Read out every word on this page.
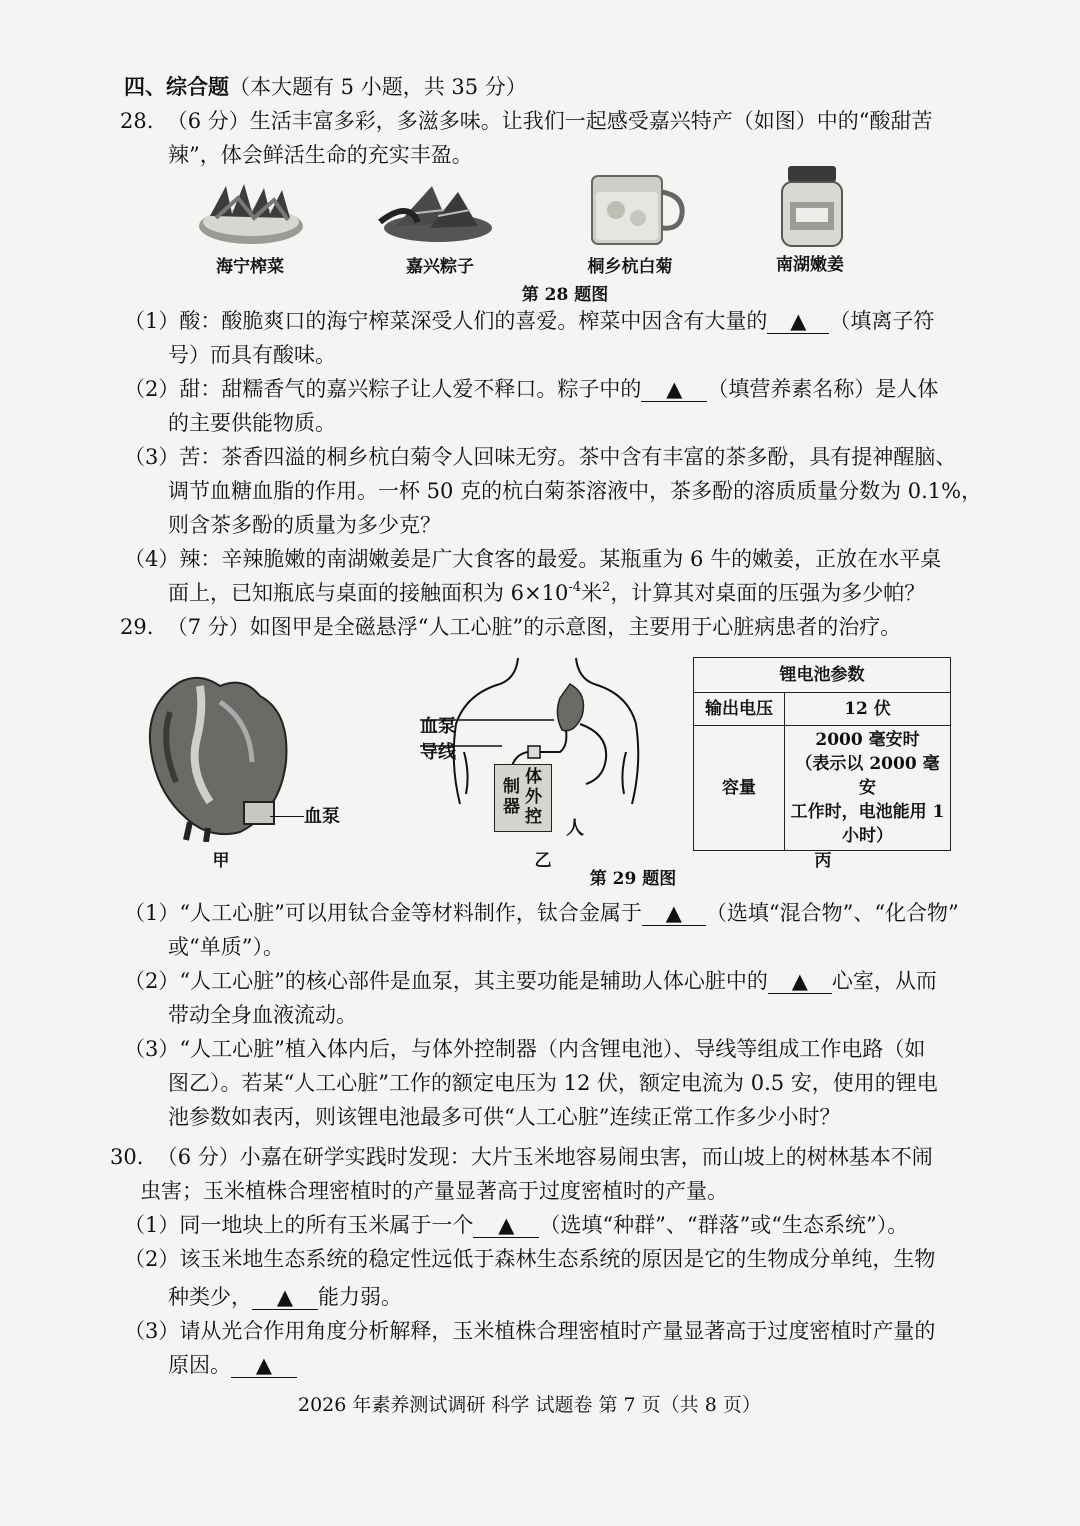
四、综合题（本大题有 5 小题，共 35 分）
28. （6 分）生活丰富多彩，多滋多味。让我们一起感受嘉兴特产（如图）中的“酸甜苦
辣”，体会鲜活生命的充实丰盈。
海宁榨菜	嘉兴粽子	桐乡杭白菊	南湖嫩姜
第 28 题图
（1）酸：酸脆爽口的海宁榨菜深受人们的喜爱。榨菜中因含有大量的 ▲ （填离子符
号）而具有酸味。
（2）甜：甜糯香气的嘉兴粽子让人爱不释口。粽子中的 ▲ （填营养素名称）是人体
的主要供能物质。
（3）苦：茶香四溢的桐乡杭白菊令人回味无穷。茶中含有丰富的茶多酚，具有提神醒脑、
调节血糖血脂的作用。一杯 50 克的杭白菊茶溶液中，茶多酚的溶质质量分数为 0.1%，
则含茶多酚的质量为多少克？
（4）辣：辛辣脆嫩的南湖嫩姜是广大食客的最爱。某瓶重为 6 牛的嫩姜，正放在水平桌
面上，已知瓶底与桌面的接触面积为 $6\times 10^{-4}$米$^2$，计算其对桌面的压强为多少帕？
29. （7 分）如图甲是全磁悬浮“人工心脏”的示意图，主要用于心脏病患者的治疗。
血泵
血泵
导线
体
外
控
制
器
人
锂电池参数	
输出电压	12 伏
容量	2000 毫安时
（表示以 2000 毫安
工作时，电池能用 1
小时）
甲	乙	丙
第 29 题图
（1）“人工心脏”可以用钛合金等材料制作，钛合金属于 ▲ （选填“混合物”、“化合物”
或“单质”）。
（2）“人工心脏”的核心部件是血泵，其主要功能是辅助人体心脏中的 ▲ 心室，从而
带动全身血液流动。
（3）“人工心脏”植入体内后，与体外控制器（内含锂电池）、导线等组成工作电路（如
图乙）。若某“人工心脏”工作的额定电压为 12 伏，额定电流为 0.5 安，使用的锂电
池参数如表丙，则该锂电池最多可供“人工心脏”连续正常工作多少小时？
30. （6 分）小嘉在研学实践时发现：大片玉米地容易闹虫害，而山坡上的树林基本不闹
虫害；玉米植株合理密植时的产量显著高于过度密植时的产量。
（1）同一地块上的所有玉米属于一个 ▲ （选填“种群”、“群落”或“生态系统”）。
（2）该玉米地生态系统的稳定性远低于森林生态系统的原因是它的生物成分单纯，生物
种类少， ▲ 能力弱。
（3）请从光合作用角度分析解释，玉米植株合理密植时产量显著高于过度密植时产量的
原因。 ▲
2026 年素养测试调研 科学 试题卷 第 7 页（共 8 页）
